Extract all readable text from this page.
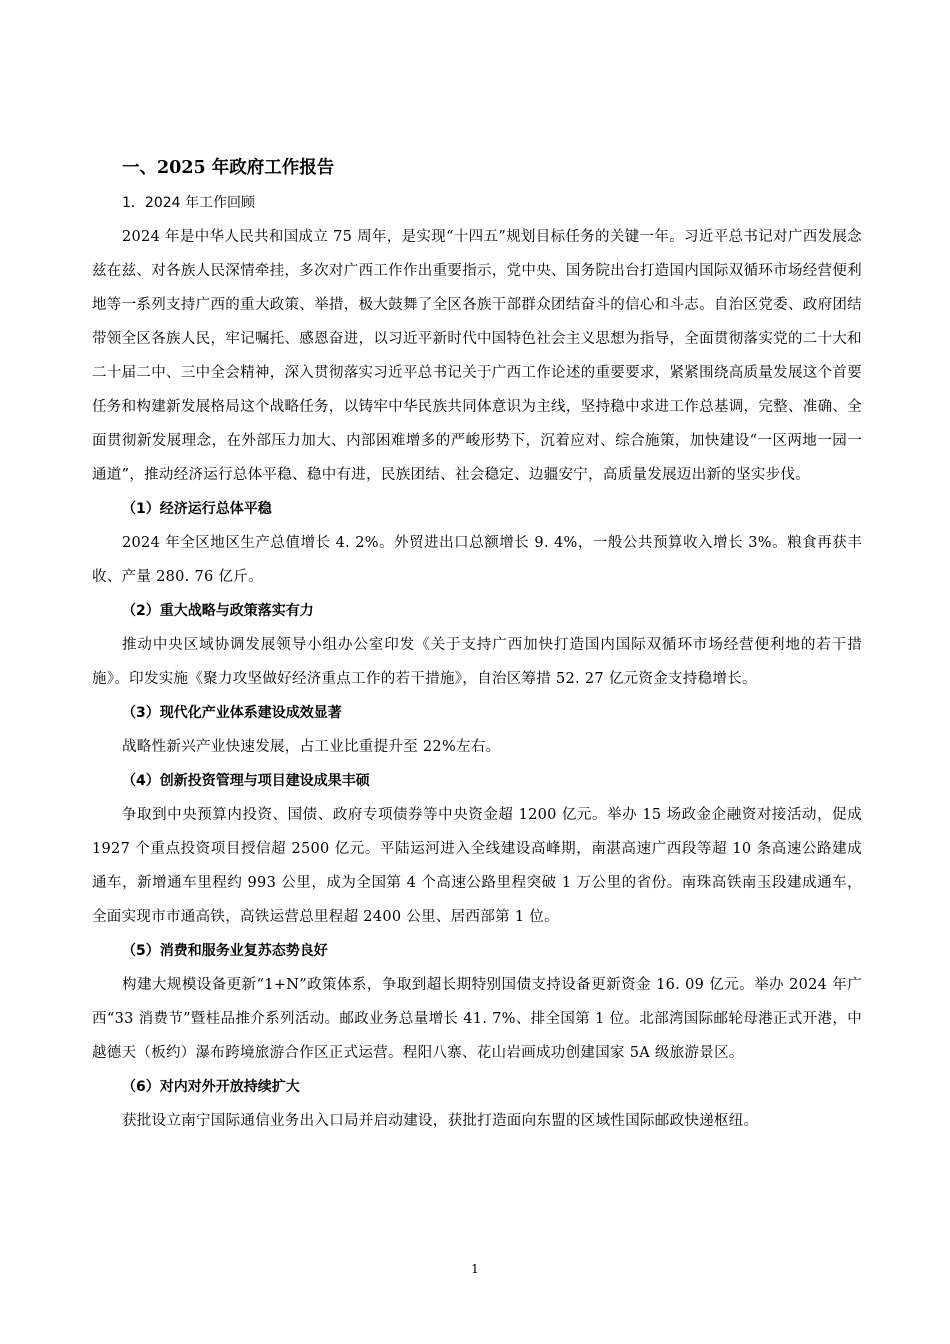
一、2025 年政府工作报告
1．2024 年工作回顾

2024 年是中华人民共和国成立 75 周年，是实现“十四五”规划目标任务的关键一年。习近平总书记对广西发展念兹在兹、对各族人民深情牵挂，多次对广西工作作出重要指示，党中央、国务院出台打造国内国际双循环市场经营便利地等一系列支持广西的重大政策、举措，极大鼓舞了全区各族干部群众团结奋斗的信心和斗志。自治区党委、政府团结带领全区各族人民，牢记嘱托、感恩奋进，以习近平新时代中国特色社会主义思想为指导，全面贯彻落实党的二十大和二十届二中、三中全会精神，深入贯彻落实习近平总书记关于广西工作论述的重要要求，紧紧围绕高质量发展这个首要任务和构建新发展格局这个战略任务，以铸牢中华民族共同体意识为主线，坚持稳中求进工作总基调，完整、准确、全面贯彻新发展理念，在外部压力加大、内部困难增多的严峻形势下，沉着应对、综合施策，加快建设“一区两地一园一通道”，推动经济运行总体平稳、稳中有进，民族团结、社会稳定、边疆安宁，高质量发展迈出新的坚实步伐。

（1）经济运行总体平稳

2024 年全区地区生产总值增长 4. 2%。外贸进出口总额增长 9. 4%，一般公共预算收入增长 3%。粮食再获丰收、产量 280. 76 亿斤。

（2）重大战略与政策落实有力

推动中央区域协调发展领导小组办公室印发《关于支持广西加快打造国内国际双循环市场经营便利地的若干措施》。印发实施《聚力攻坚做好经济重点工作的若干措施》，自治区筹措 52. 27 亿元资金支持稳增长。

（3）现代化产业体系建设成效显著

战略性新兴产业快速发展，占工业比重提升至 22%左右。

（4）创新投资管理与项目建设成果丰硕

争取到中央预算内投资、国债、政府专项债券等中央资金超 1200 亿元。举办 15 场政金企融资对接活动，促成 1927 个重点投资项目授信超 2500 亿元。平陆运河进入全线建设高峰期，南湛高速广西段等超 10 条高速公路建成通车，新增通车里程约 993 公里，成为全国第 4 个高速公路里程突破 1 万公里的省份。南珠高铁南玉段建成通车，全面实现市市通高铁，高铁运营总里程超 2400 公里、居西部第 1 位。

（5）消费和服务业复苏态势良好

构建大规模设备更新“1+N”政策体系，争取到超长期特别国债支持设备更新资金 16. 09 亿元。举办 2024 年广西“33 消费节”暨桂品推介系列活动。邮政业务总量增长 41. 7%、排全国第 1 位。北部湾国际邮轮母港正式开港，中越德天（板约）瀑布跨境旅游合作区正式运营。程阳八寨、花山岩画成功创建国家 5A 级旅游景区。

（6）对内对外开放持续扩大

获批设立南宁国际通信业务出入口局并启动建设，获批打造面向东盟的区域性国际邮政快递枢纽。

1
